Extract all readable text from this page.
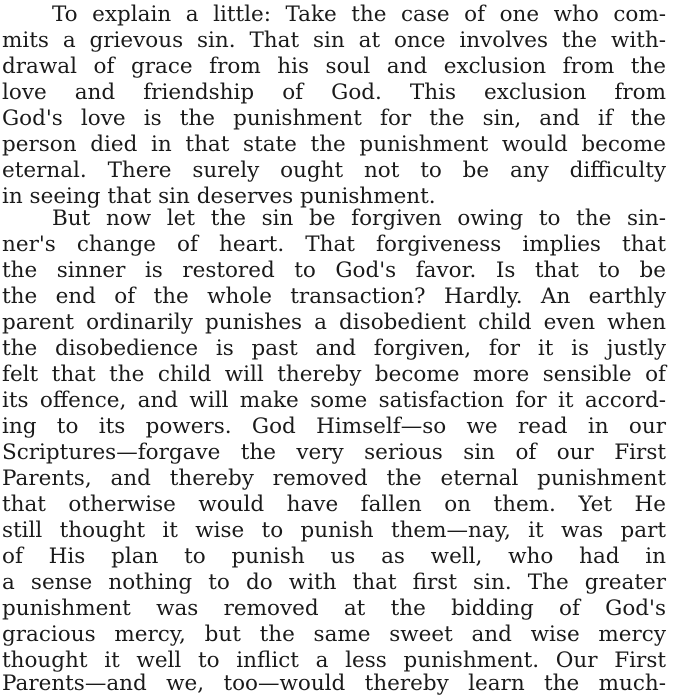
To explain a little: Take the case of one who com-
mits a grievous sin. That sin at once involves the with-
drawal of grace from his soul and exclusion from the
love and friendship of God. This exclusion from
God's love is the punishment for the sin, and if the
person died in that state the punishment would become
eternal. There surely ought not to be any difficulty
in seeing that sin deserves punishment.
But now let the sin be forgiven owing to the sin-
ner's change of heart. That forgiveness implies that
the sinner is restored to God's favor. Is that to be
the end of the whole transaction? Hardly. An earthly
parent ordinarily punishes a disobedient child even when
the disobedience is past and forgiven, for it is justly
felt that the child will thereby become more sensible of
its offence, and will make some satisfaction for it accord-
ing to its powers. God Himself—so we read in our
Scriptures—forgave the very serious sin of our First
Parents, and thereby removed the eternal punishment
that otherwise would have fallen on them. Yet He
still thought it wise to punish them—nay, it was part
of His plan to punish us as well, who had in
a sense nothing to do with that first sin. The greater
punishment was removed at the bidding of God's
gracious mercy, but the same sweet and wise mercy
thought it well to inflict a less punishment. Our First
Parents—and we, too—would thereby learn the much-
